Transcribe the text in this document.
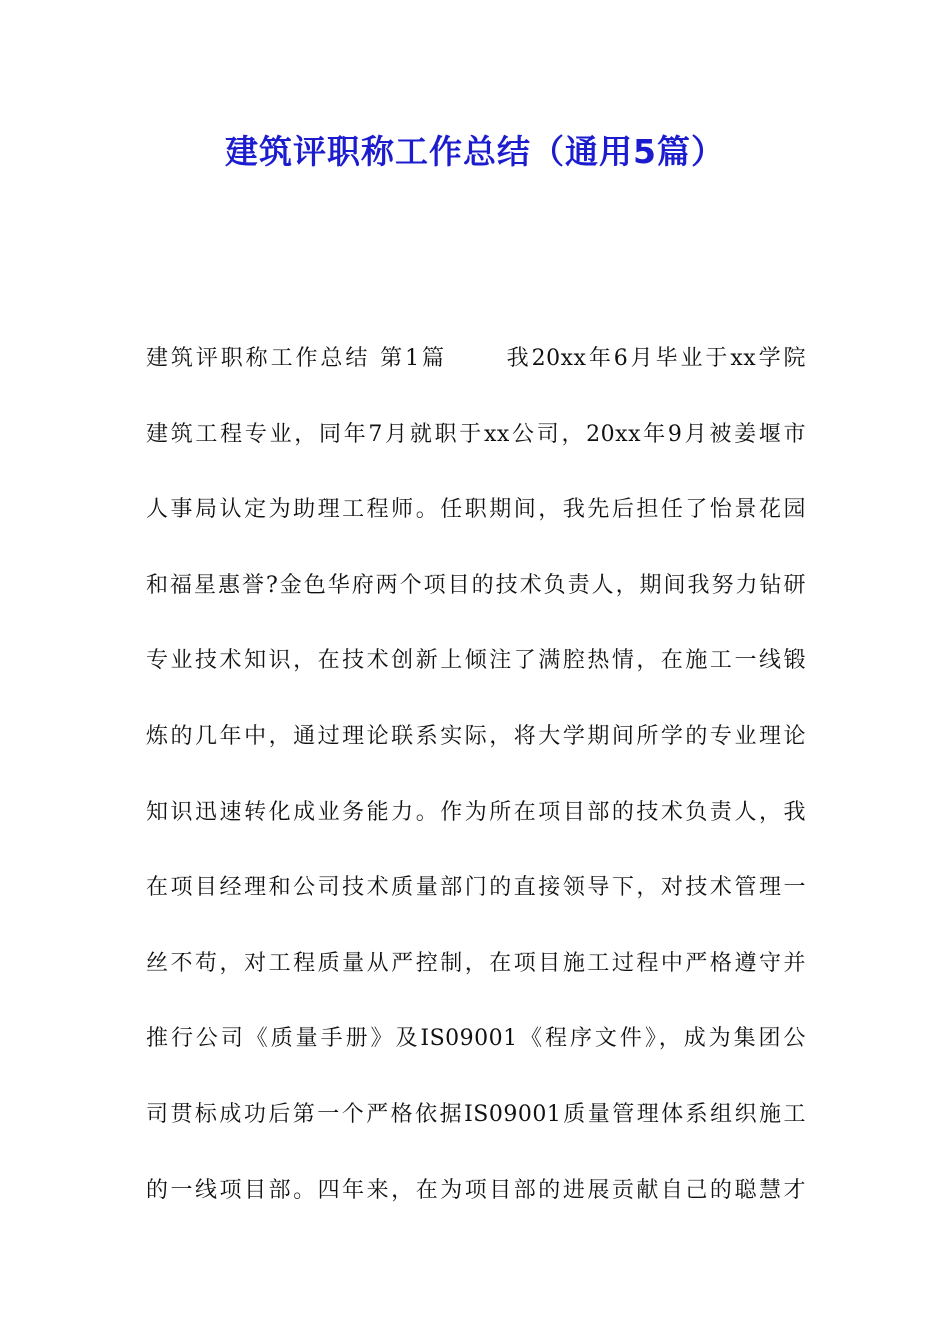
建筑评职称工作总结（通用5篇）
建筑评职称工作总结 第1篇 　　我20xx年6月毕业于xx学院
建筑工程专业，同年7月就职于xx公司，20xx年9月被姜堰市
人事局认定为助理工程师。任职期间，我先后担任了怡景花园
和福星惠誉?金色华府两个项目的技术负责人，期间我努力钻研
专业技术知识，在技术创新上倾注了满腔热情，在施工一线锻
炼的几年中，通过理论联系实际，将大学期间所学的专业理论
知识迅速转化成业务能力。作为所在项目部的技术负责人，我
在项目经理和公司技术质量部门的直接领导下，对技术管理一
丝不苟，对工程质量从严控制，在项目施工过程中严格遵守并
推行公司《质量手册》及IS09001《程序文件》，成为集团公
司贯标成功后第一个严格依据IS09001质量管理体系组织施工
的一线项目部。四年来，在为项目部的进展贡献自己的聪慧才
